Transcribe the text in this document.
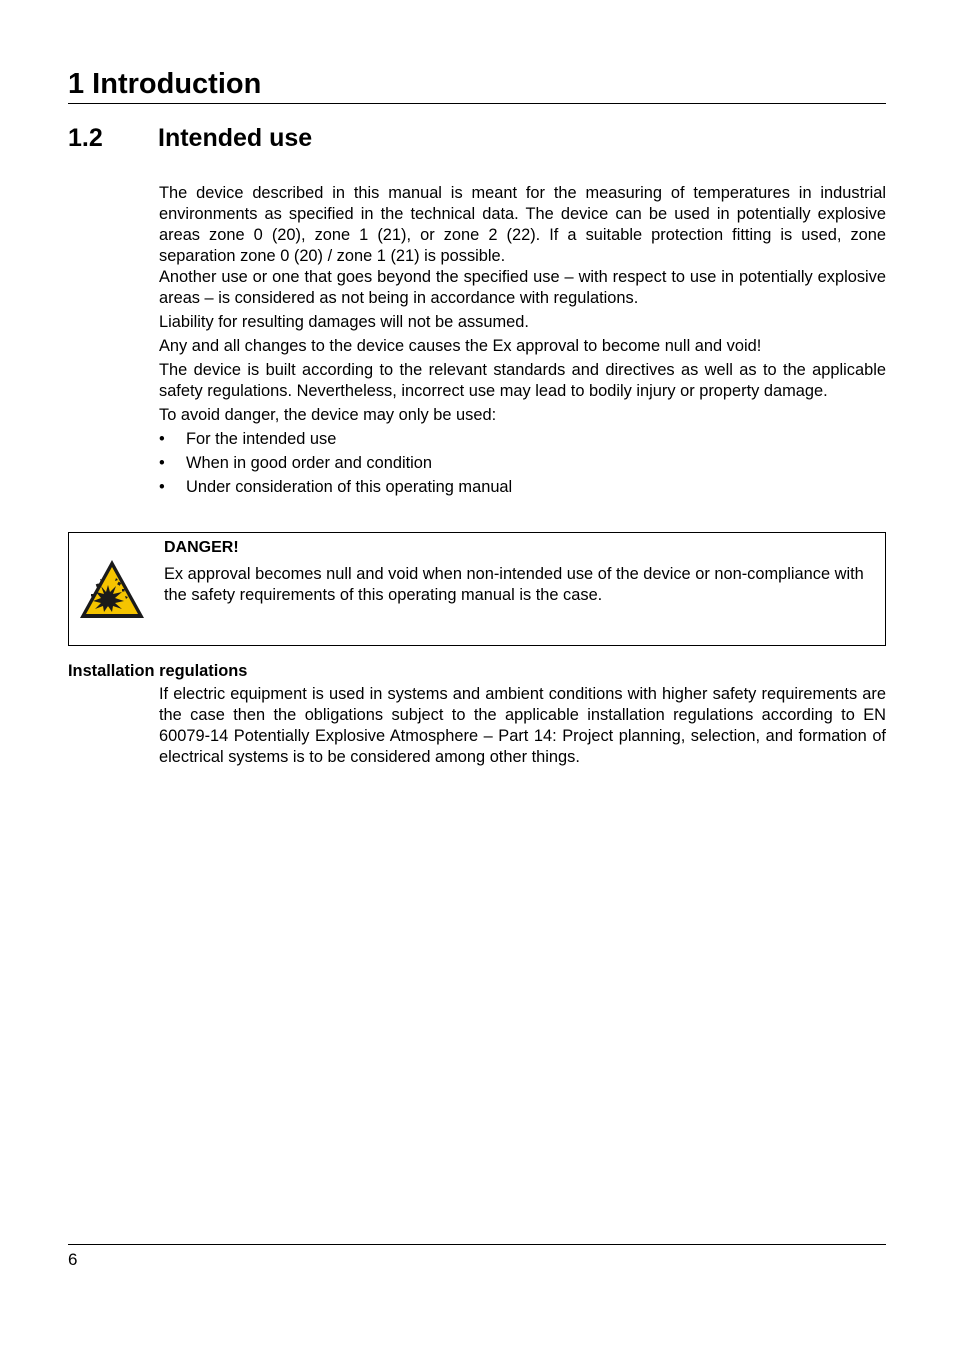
1 Introduction
1.2 Intended use

The device described in this manual is meant for the measuring of temperatures in industrial environments as specified in the technical data. The device can be used in potentially explosive areas zone 0 (20), zone 1 (21), or zone 2 (22). If a suitable protection fitting is used, zone separation zone 0 (20) / zone 1 (21) is possible.

Another use or one that goes beyond the specified use – with respect to use in potentially explosive areas – is considered as not being in accordance with regulations.

Liability for resulting damages will not be assumed.

Any and all changes to the device causes the Ex approval to become null and void!

The device is built according to the relevant standards and directives as well as to the applicable safety regulations. Nevertheless, incorrect use may lead to bodily injury or property damage.

To avoid danger, the device may only be used:

• For the intended use
• When in good order and condition
• Under consideration of this operating manual
DANGER!
Ex approval becomes null and void when non-intended use of the device or non-compliance with the safety requirements of this operating manual is the case.
Installation regulations
If electric equipment is used in systems and ambient conditions with higher safety requirements are the case then the obligations subject to the applicable installation regulations according to EN 60079-14 Potentially Explosive Atmosphere – Part 14: Project planning, selection, and formation of electrical systems is to be considered among other things.
6
